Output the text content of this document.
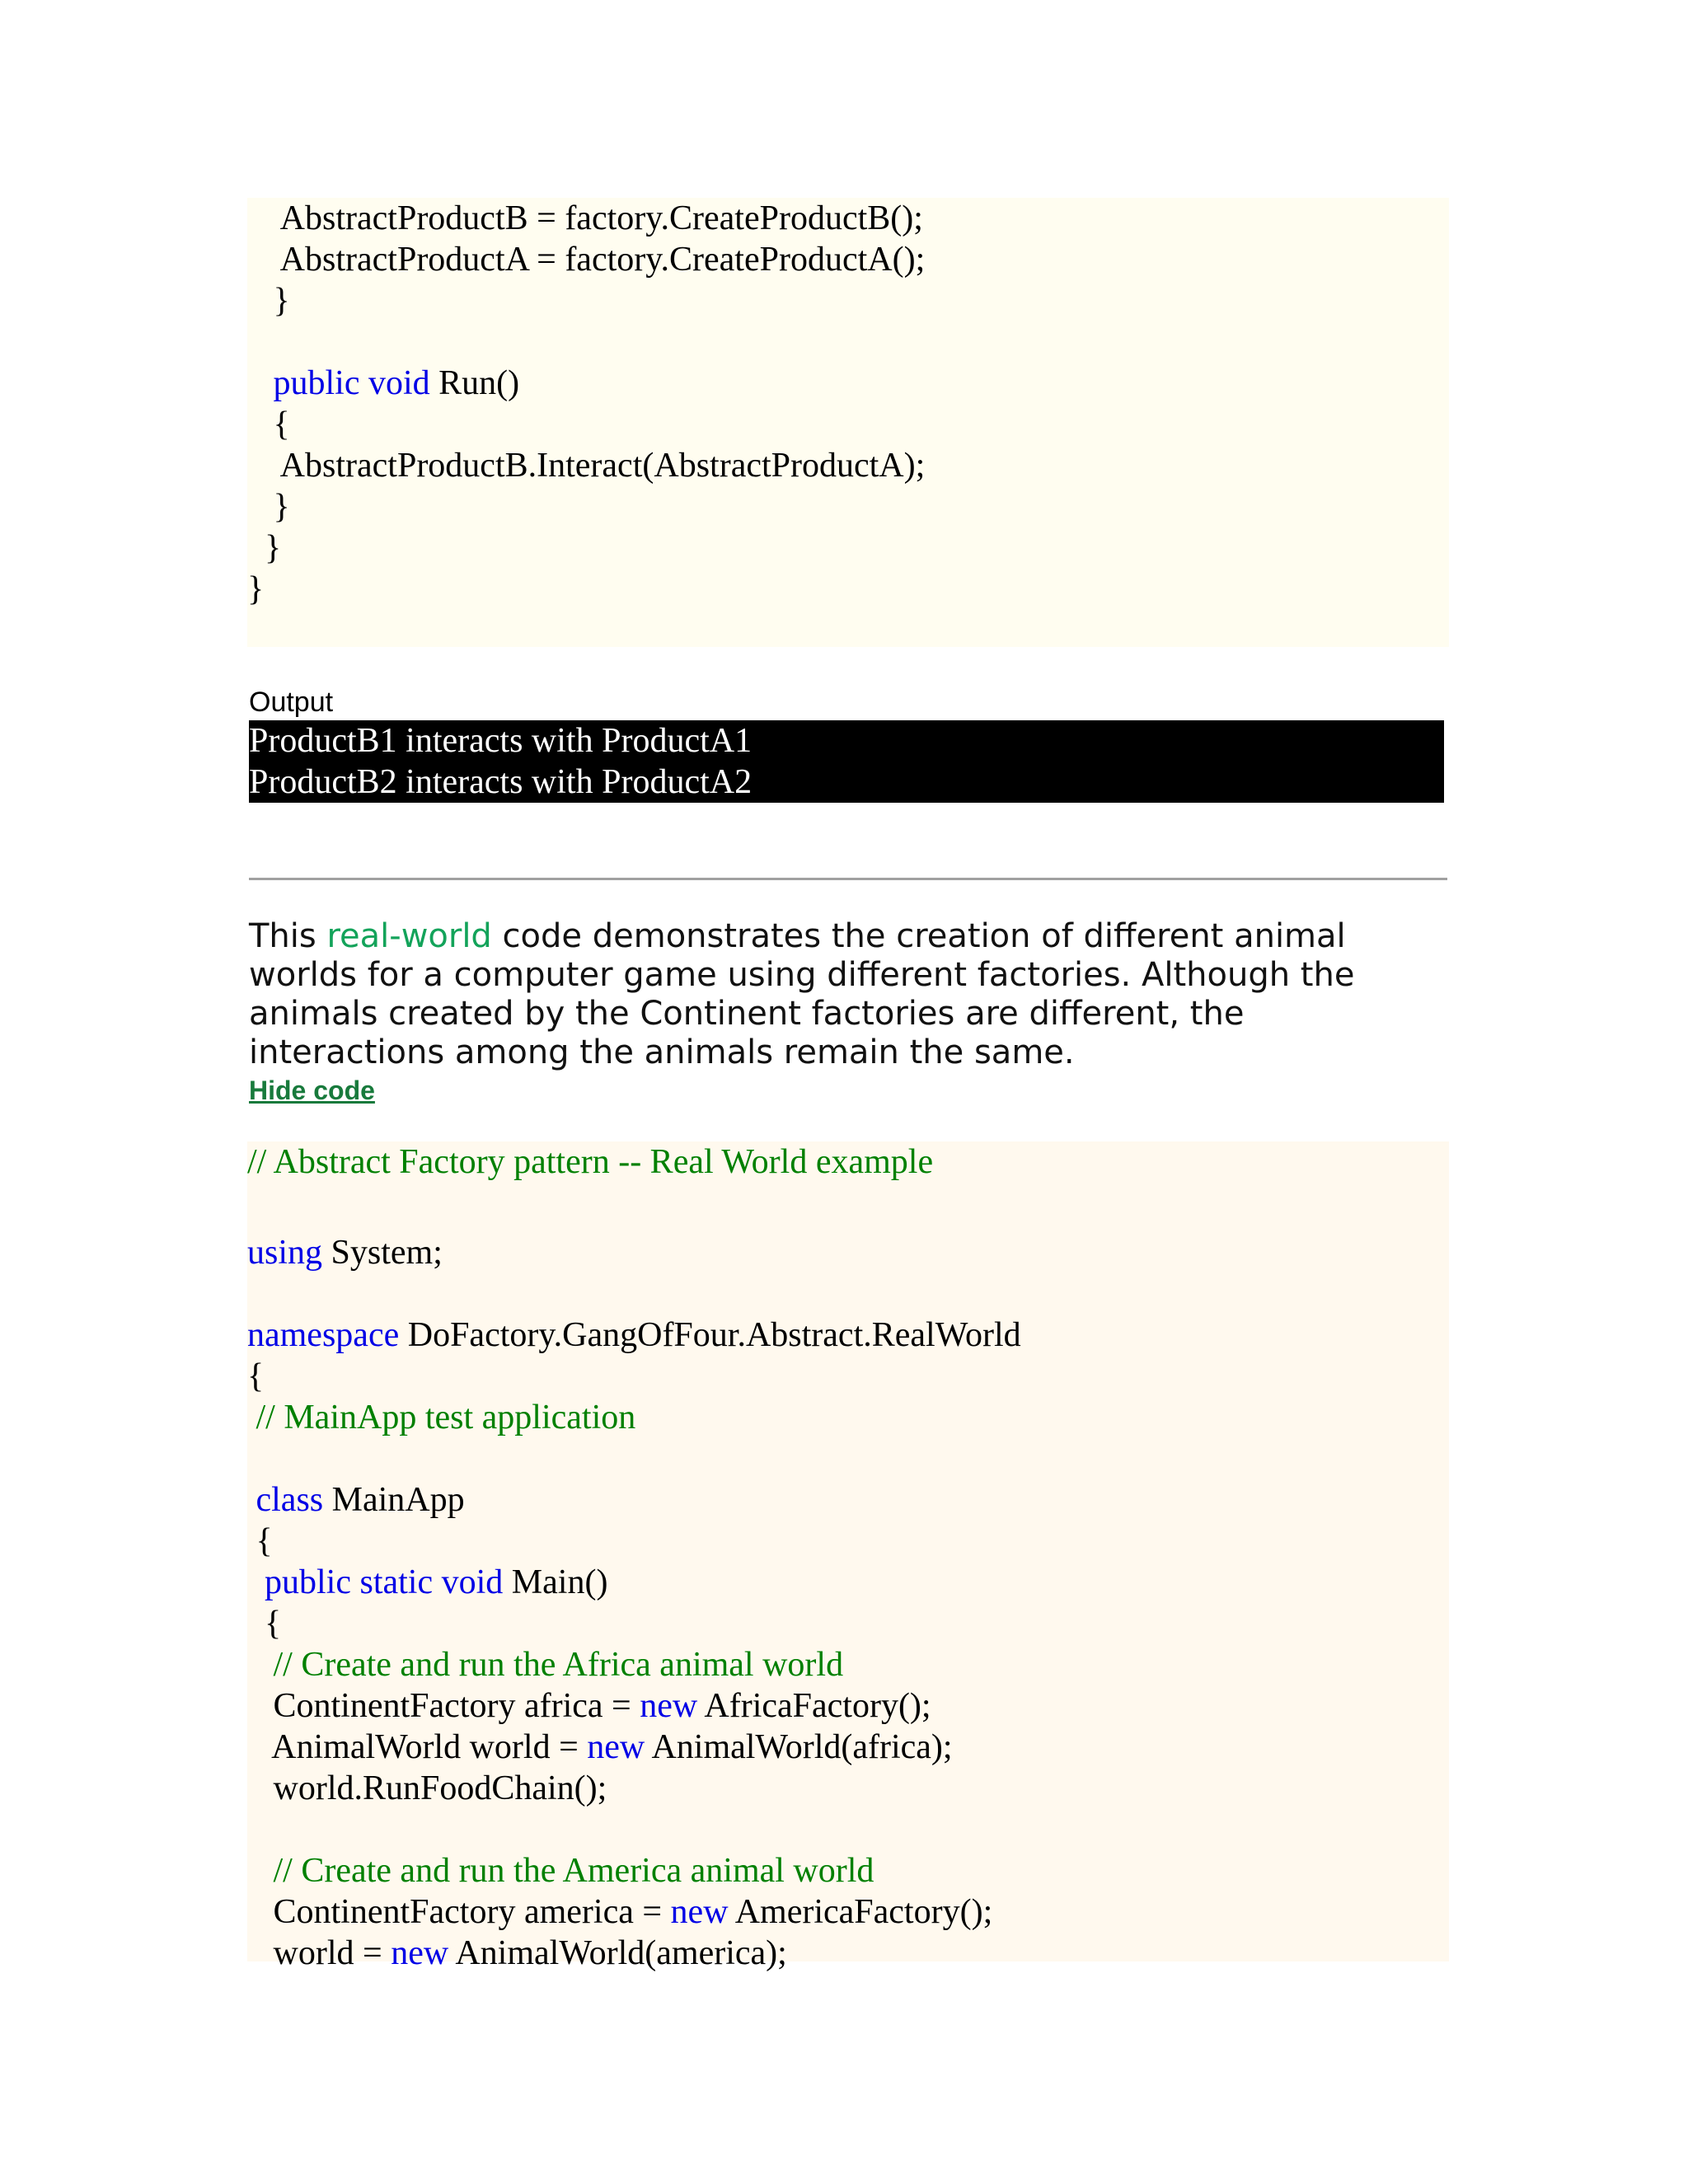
AbstractProductB = factory.CreateProductB();
AbstractProductA = factory.CreateProductA();
}
public void Run()
{
AbstractProductB.Interact(AbstractProductA);
}
}
}
Output
ProductB1 interacts with ProductA1
ProductB2 interacts with ProductA2

This real-world code demonstrates the creation of different animal worlds for a computer game using different factories. Although the animals created by the Continent factories are different, the interactions among the animals remain the same.

Hide code
// Abstract Factory pattern -- Real World example
using System;
namespace DoFactory.GangOfFour.Abstract.RealWorld
{
// MainApp test application
class MainApp
{
public static void Main()
{
// Create and run the Africa animal world
ContinentFactory africa = new AfricaFactory();
AnimalWorld world = new AnimalWorld(africa);
world.RunFoodChain();
// Create and run the America animal world
ContinentFactory america = new AmericaFactory();
world = new AnimalWorld(america);
